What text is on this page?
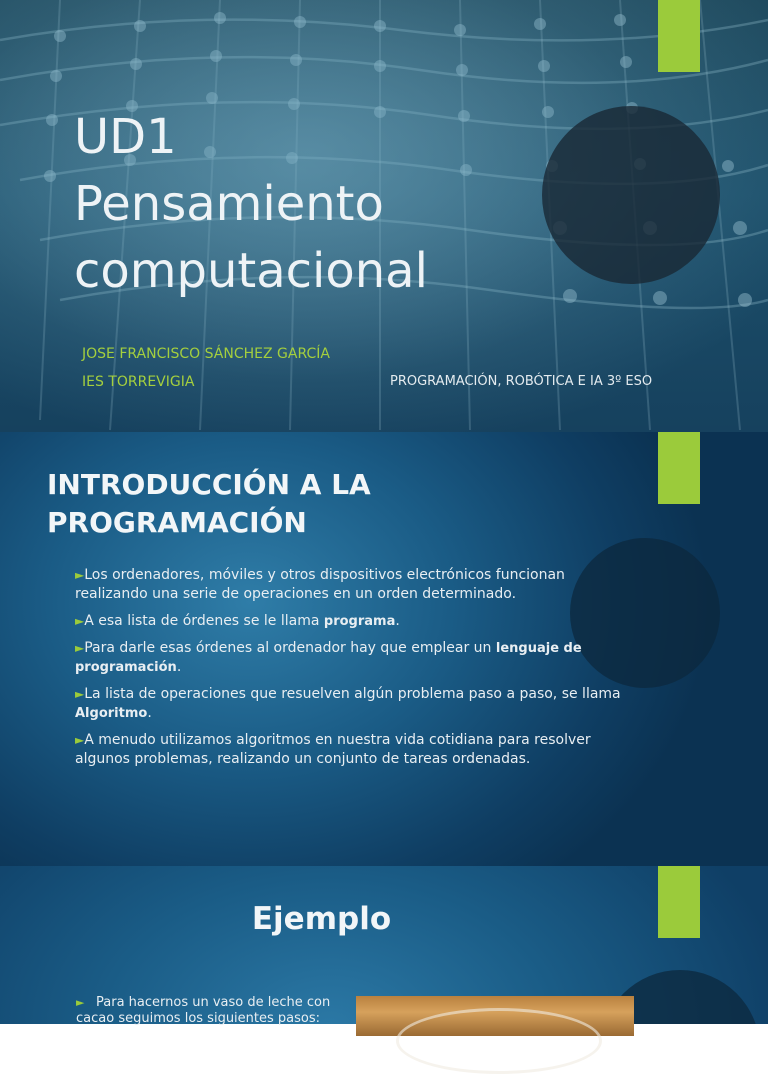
UD1
Pensamiento
computacional
JOSE FRANCISCO SÁNCHEZ GARCÍA
IES TORREVIGIA	PROGRAMACIÓN, ROBÓTICA E IA 3º ESO
INTRODUCCIÓN A LA PROGRAMACIÓN
►Los ordenadores, móviles y otros dispositivos electrónicos funcionan realizando una serie de operaciones en un orden determinado.
►A esa lista de órdenes se le llama programa.
►Para darle esas órdenes al ordenador hay que emplear un lenguaje de programación.
►La lista de operaciones que resuelven algún problema paso a paso, se llama Algoritmo.
►A menudo utilizamos algoritmos en nuestra vida cotidiana para resolver algunos problemas, realizando un conjunto de tareas ordenadas.
Ejemplo
► Para hacernos un vaso de leche con cacao seguimos los siguientes pasos:
